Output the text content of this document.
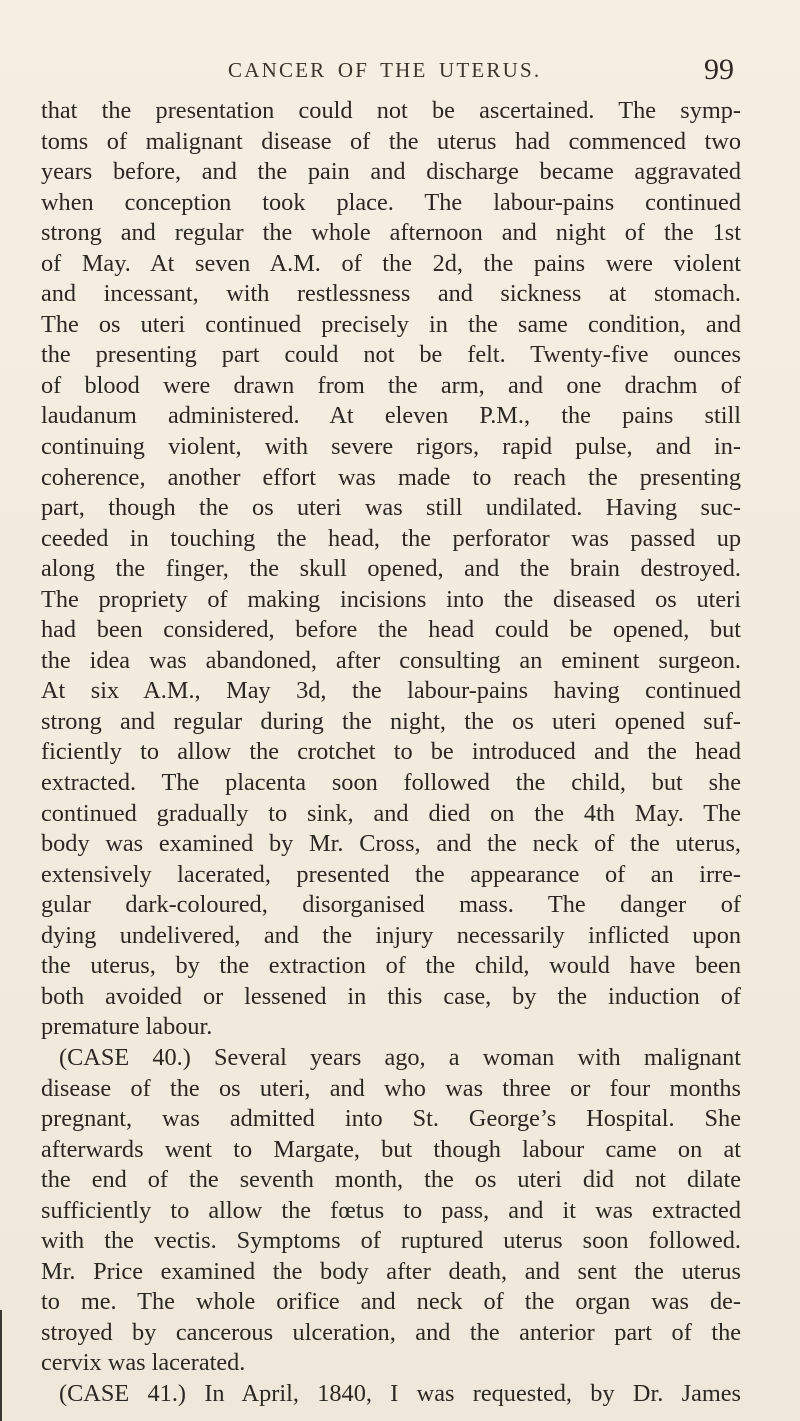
CANCER OF THE UTERUS.	99
that the presentation could not be ascertained. The symp-
toms of malignant disease of the uterus had commenced two
years before, and the pain and discharge became aggravated
when conception took place. The labour-pains continued
strong and regular the whole afternoon and night of the 1st
of May. At seven A.M. of the 2d, the pains were violent
and incessant, with restlessness and sickness at stomach.
The os uteri continued precisely in the same condition, and
the presenting part could not be felt. Twenty-five ounces
of blood were drawn from the arm, and one drachm of
laudanum administered. At eleven P.M., the pains still
continuing violent, with severe rigors, rapid pulse, and in-
coherence, another effort was made to reach the presenting
part, though the os uteri was still undilated. Having suc-
ceeded in touching the head, the perforator was passed up
along the finger, the skull opened, and the brain destroyed.
The propriety of making incisions into the diseased os uteri
had been considered, before the head could be opened, but
the idea was abandoned, after consulting an eminent surgeon.
At six A.M., May 3d, the labour-pains having continued
strong and regular during the night, the os uteri opened suf-
ficiently to allow the crotchet to be introduced and the head
extracted. The placenta soon followed the child, but she
continued gradually to sink, and died on the 4th May. The
body was examined by Mr. Cross, and the neck of the uterus,
extensively lacerated, presented the appearance of an irre-
gular dark-coloured, disorganised mass. The danger of
dying undelivered, and the injury necessarily inflicted upon
the uterus, by the extraction of the child, would have been
both avoided or lessened in this case, by the induction of
premature labour.
(CASE 40.) Several years ago, a woman with malignant
disease of the os uteri, and who was three or four months
pregnant, was admitted into St. George’s Hospital. She
afterwards went to Margate, but though labour came on at
the end of the seventh month, the os uteri did not dilate
sufficiently to allow the fœtus to pass, and it was extracted
with the vectis. Symptoms of ruptured uterus soon followed.
Mr. Price examined the body after death, and sent the uterus
to me. The whole orifice and neck of the organ was de-
stroyed by cancerous ulceration, and the anterior part of the
cervix was lacerated.
(CASE 41.) In April, 1840, I was requested, by Dr. James
